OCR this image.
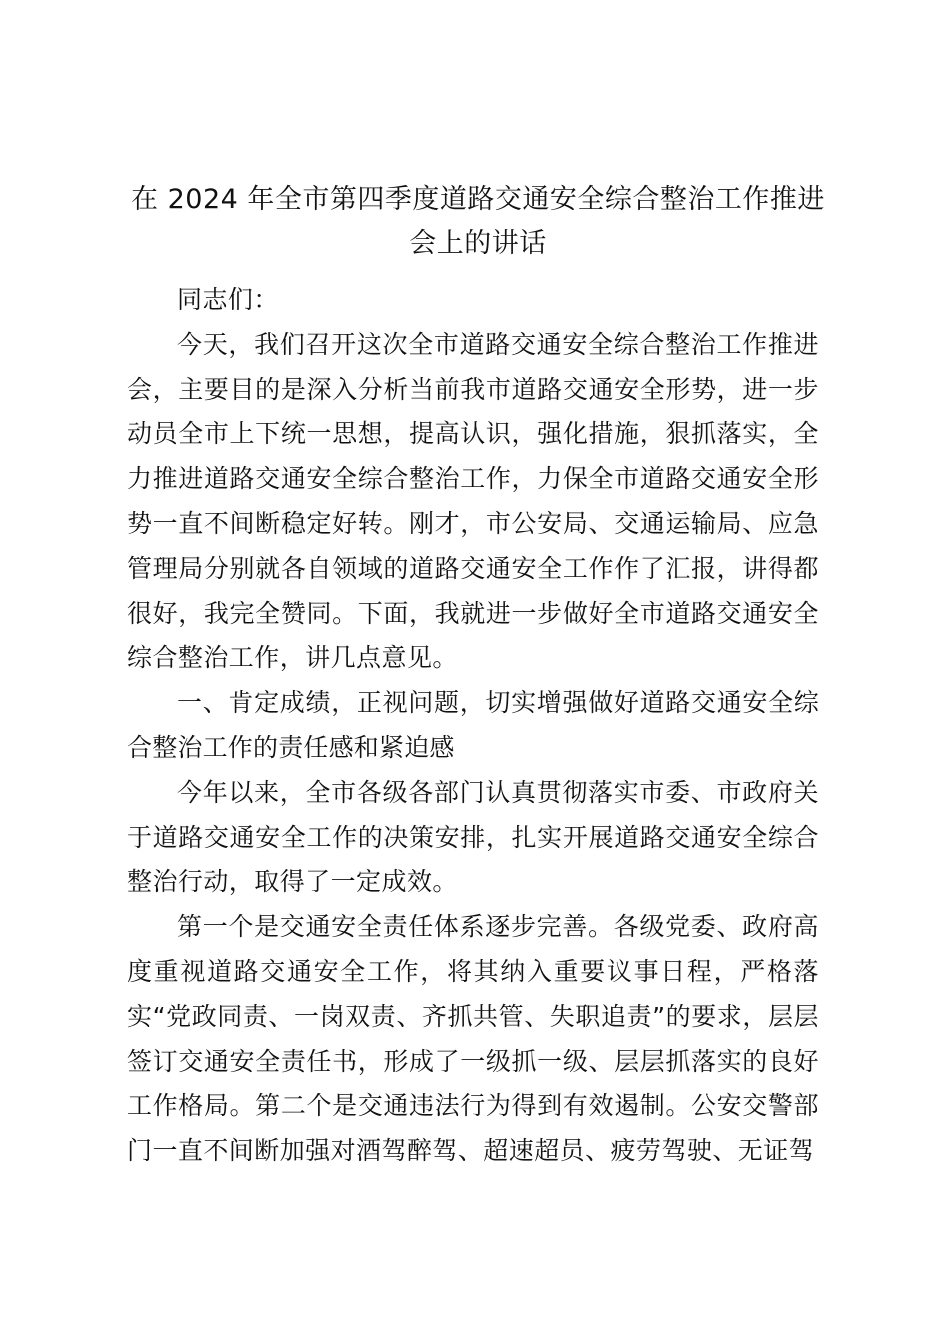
在 2024 年全市第四季度道路交通安全综合整治工作推进会上的讲话

同志们：

今天，我们召开这次全市道路交通安全综合整治工作推进会，主要目的是深入分析当前我市道路交通安全形势，进一步动员全市上下统一思想，提高认识，强化措施，狠抓落实，全力推进道路交通安全综合整治工作，力保全市道路交通安全形势一直不间断稳定好转。刚才，市公安局、交通运输局、应急管理局分别就各自领域的道路交通安全工作作了汇报，讲得都很好，我完全赞同。下面，我就进一步做好全市道路交通安全综合整治工作，讲几点意见。

一、肯定成绩，正视问题，切实增强做好道路交通安全综合整治工作的责任感和紧迫感

今年以来，全市各级各部门认真贯彻落实市委、市政府关于道路交通安全工作的决策安排，扎实开展道路交通安全综合整治行动，取得了一定成效。

第一个是交通安全责任体系逐步完善。各级党委、政府高度重视道路交通安全工作，将其纳入重要议事日程，严格落实“党政同责、一岗双责、齐抓共管、失职追责”的要求，层层签订交通安全责任书，形成了一级抓一级、层层抓落实的良好工作格局。第二个是交通违法行为得到有效遏制。公安交警部门一直不间断加强对酒驾醉驾、超速超员、疲劳驾驶、无证驾
